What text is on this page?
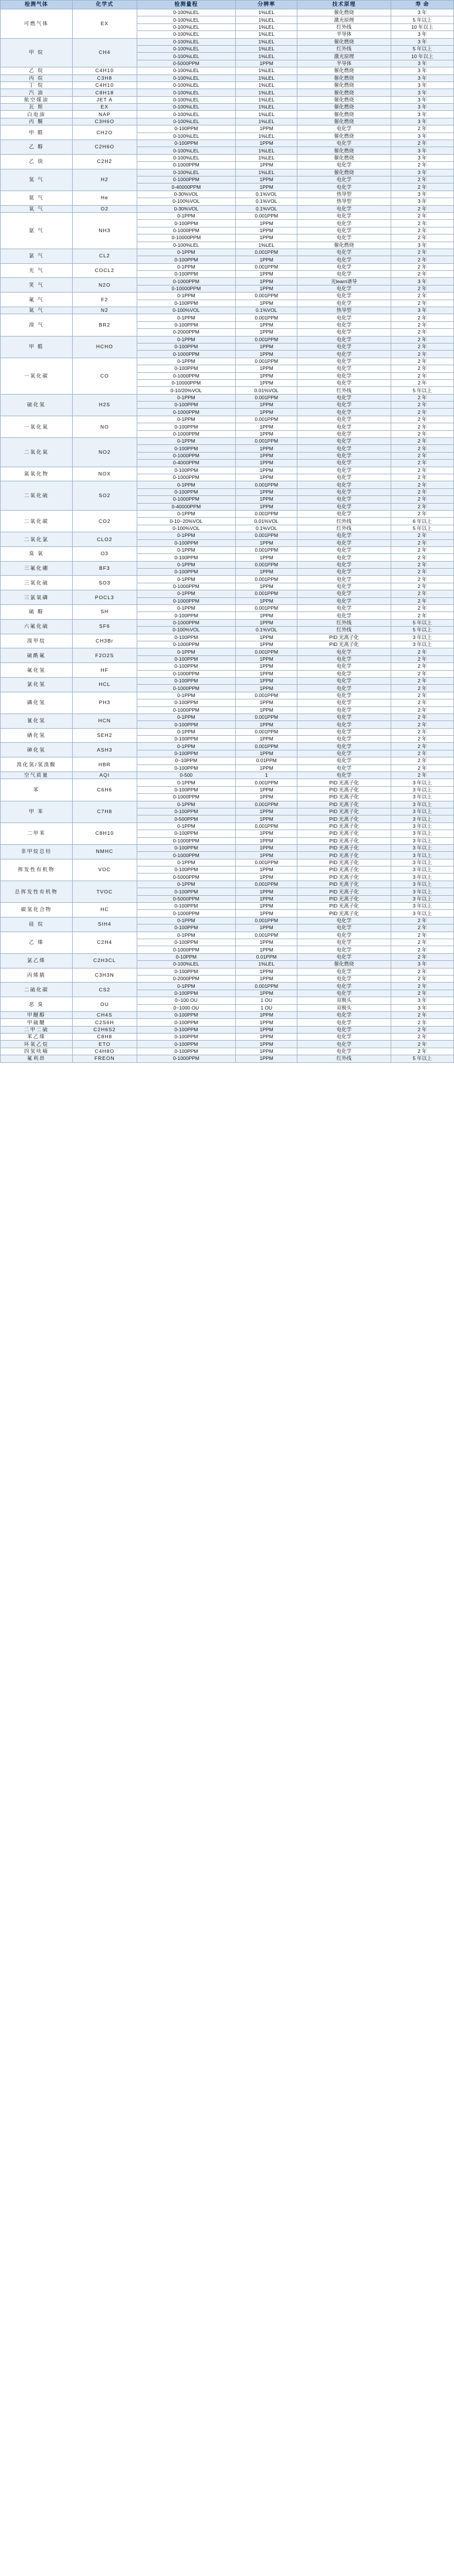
检测气体	化学式	检测量程	分辨率	技术原理	寿 命
可燃气体	EX	0-100%LEL	1%LEL	催化燃烧	3 年
		0-100%LEL	1%LEL	激光原理	5 年以上
		0-100%LEL	1%LEL	红外线	10 年以上
		0-100%LEL	1%LEL	半导体	3 年
甲 烷	CH4	0-100%LEL	1%LEL	催化燃烧	3 年
		0-100%LEL	1%LEL	红外线	5 年以上
		0-100%LEL	1%LEL	激光原理	10 年以上
		0-5000PPM	1PPM	半导体	3 年
乙 烷	C4H10	0-100%LEL	1%LEL	催化燃烧	3 年
丙 烷	C3H8	0-100%LEL	1%LEL	催化燃烧	3 年
丁 烷	C4H10	0-100%LEL	1%LEL	催化燃烧	3 年
汽 油	C8H18	0-100%LEL	1%LEL	催化燃烧	3 年
航空煤油	JET A	0-100%LEL	1%LEL	催化燃烧	3 年
瓦 斯	EX	0-100%LEL	1%LEL	催化燃烧	3 年
白电油	NAP	0-100%LEL	1%LEL	催化燃烧	3 年
丙 酮	C3H6O	0-100%LEL	1%LEL	催化燃烧	3 年
甲 醛	CH2O	0-100PPM	1PPM	电化学	2 年
		0-100%LEL	1%LEL	催化燃烧	3 年
乙 醇	C2H6O	0-100PPM	1PPM	电化学	2 年
		0-100%LEL	1%LEL	催化燃烧	3 年
乙 炔	C2H2	0-100%LEL	1%LEL	催化燃烧	3 年
		0-1000PPM	1PPM	电化学	2 年
氢 气	H2	0-100%LEL	1%LEL	催化燃烧	3 年
		0-1000PPM	1PPM	电化学	2 年
		0-40000PPM	1PPM	电化学	2 年
氦 气	He	0-30%VOL	0.1%VOL	热导型	3 年
		0-100%VOL	0.1%VOL	热导型	3 年
氧 气	O2	0-30%VOL	0.1%VOL	电化学	2 年
氨 气	NH3	0-1PPM	0.001PPM	电化学	2 年
		0-100PPM	1PPM	电化学	2 年
		0-1000PPM	1PPM	电化学	2 年
		0-10000PPM	1PPM	电化学	2 年
		0-100%LEL	1%LEL	催化燃烧	3 年
氯 气	CL2	0-1PPM	0.001PPM	电化学	2 年
		0-100PPM	1PPM	电化学	2 年
光 气	COCL2	0-1PPM	0.001PPM	电化学	2 年
		0-100PPM	1PPM	电化学	2 年
笑 气	N2O	0-1000PPM	1PPM	光learn谱导	3 年
		0-10000PPM	1PPM	电化学	2 年
氟 气	F2	0-1PPM	0.001PPM	电化学	2 年
		0-100PPM	1PPM	电化学	2 年
氮 气	N2	0-100%VOL	0.1%VOL	热导型	3 年
溴 气	BR2	0-1PPM	0.001PPM	电化学	2 年
		0-100PPM	1PPM	电化学	2 年
		0-2000PPM	1PPM	电化学	2 年
甲 醛	HCHO	0-1PPM	0.001PPM	电化学	2 年
		0-100PPM	1PPM	电化学	2 年
		0-1000PPM	1PPM	电化学	2 年
一氧化碳	CO	0-1PPM	0.001PPM	电化学	2 年
		0-100PPM	1PPM	电化学	2 年
		0-1000PPM	1PPM	电化学	2 年
		0-10000PPM	1PPM	电化学	2 年
		0-10/20%VOL	0.01%VOL	红外线	5 年以上
硫化氢	H2S	0-1PPM	0.001PPM	电化学	2 年
		0-100PPM	1PPM	电化学	2 年
		0-1000PPM	1PPM	电化学	2 年
一氧化氮	NO	0-1PPM	0.001PPM	电化学	2 年
		0-100PPM	1PPM	电化学	2 年
		0-1000PPM	1PPM	电化学	2 年
二氧化氮	NO2	0-1PPM	0.001PPM	电化学	2 年
		0-100PPM	1PPM	电化学	2 年
		0-1000PPM	1PPM	电化学	2 年
		0-4000PPM	1PPM	电化学	2 年
氮氧化物	NOX	0-100PPM	1PPM	电化学	2 年
		0-1000PPM	1PPM	电化学	2 年
二氧化硫	SO2	0-1PPM	0.001PPM	电化学	2 年
		0-100PPM	1PPM	电化学	2 年
		0-1000PPM	1PPM	电化学	2 年
		0-40000PPM	1PPM	电化学	2 年
二氧化碳	CO2	0-1PPM	0.001PPM	电化学	2 年
		0-10~20%VOL	0.01%VOL	红外线	6 年以上
		0-100%VOL	0.1%VOL	红外线	5 年以上
二氧化氯	CLO2	0-1PPM	0.001PPM	电化学	2 年
		0-100PPM	1PPM	电化学	2 年
臭 氧	O3	0-1PPM	0.001PPM	电化学	2 年
		0-100PPM	1PPM	电化学	2 年
三氟化硼	BF3	0-1PPM	0.001PPM	电化学	2 年
		0-100PPM	1PPM	电化学	2 年
三氧化硫	SO3	0-1PPM	0.001PPM	电化学	2 年
		0-1000PPM	1PPM	电化学	2 年
三氯氧磷	POCL3	0-1PPM	0.001PPM	电化学	2 年
		0-1000PPM	1PPM	电化学	2 年
硫 醇	SH	0-1PPM	0.001PPM	电化学	2 年
		0-100PPM	1PPM	电化学	2 年
六氟化硫	SF6	0-1000PPM	1PPM	红外线	5 年以上
		0-100%VOL	0.1%VOL	红外线	5 年以上
溴甲烷	CH3Br	0-100PPM	1PPM	PID 光离子化	3 年以上
		0-1000PPM	1PPM	PID 光离子化	3 年以上
硫酰氟	F2O2S	0-1PPM	0.001PPM	电化学	2 年
		0-100PPM	1PPM	电化学	2 年
氟化氢	HF	0-100PPM	1PPM	电化学	2 年
		0-1000PPM	1PPM	电化学	2 年
氯化氢	HCL	0-100PPM	1PPM	电化学	2 年
		0-1000PPM	1PPM	电化学	2 年
磷化氢	PH3	0-1PPM	0.001PPM	电化学	2 年
		0-100PPM	1PPM	电化学	2 年
		0-1000PPM	1PPM	电化学	2 年
氰化氢	HCN	0-1PPM	0.001PPM	电化学	2 年
		0-100PPM	1PPM	电化学	2 年
硒化氢	SEH2	0-1PPM	0.001PPM	电化学	2 年
		0-100PPM	1PPM	电化学	2 年
砷化氢	ASH3	0-1PPM	0.001PPM	电化学	2 年
		0-100PPM	1PPM	电化学	2 年
溴化氢/氢溴酸	HBR	0~10PPM	0.01PPM	电化学	2 年
		0-100PPM	1PPM	电化学	2 年
空气质量	AQI	0-500	1	电化学	2 年
苯	C6H6	0-1PPM	0.001PPM	PID 光离子化	3 年以上
		0-100PPM	1PPM	PID 光离子化	3 年以上
		0-1000PPM	1PPM	PID 光离子化	3 年以上
甲 苯	C7H8	0-1PPM	0.001PPM	PID 光离子化	3 年以上
		0-100PPM	1PPM	PID 光离子化	3 年以上
		0-500PPM	1PPM	PID 光离子化	3 年以上
二甲苯	C8H10	0-1PPM	0.001PPM	PID 光离子化	3 年以上
		0-100PPM	1PPM	PID 光离子化	3 年以上
		0-1000PPM	1PPM	PID 光离子化	3 年以上
非甲烷总烃	NMHC	0-100PPM	1PPM	PID 光离子化	3 年以上
		0-1000PPM	1PPM	PID 光离子化	3 年以上
挥发性有机物	VOC	0-1PPM	0.001PPM	PID 光离子化	3 年以上
		0-100PPM	1PPM	PID 光离子化	3 年以上
		0-5000PPM	1PPM	PID 光离子化	3 年以上
总挥发性有机物	TVOC	0-1PPM	0.001PPM	PID 光离子化	3 年以上
		0-100PPM	1PPM	PID 光离子化	3 年以上
		0-5000PPM	1PPM	PID 光离子化	3 年以上
碳氢化合物	HC	0-100PPM	1PPM	PID 光离子化	3 年以上
		0-1000PPM	1PPM	PID 光离子化	3 年以上
硅 烷	SIH4	0-1PPM	0.001PPM	电化学	2 年
		0-100PPM	1PPM	电化学	2 年
乙 烯	C2H4	0-1PPM	0.001PPM	电化学	2 年
		0-100PPM	1PPM	电化学	2 年
		0-1000PPM	1PPM	电化学	2 年
氯乙烯	C2H3CL	0-10PPM	0.01PPM	电化学	2 年
		0-100%LEL	1%LEL	催化燃烧	3 年
丙烯腈	C3H3N	0-100PPM	1PPM	电化学	2 年
		0-2000PPM	1PPM	电化学	2 年
二硫化碳	CS2	0-1PPM	0.001PPM	电化学	2 年
		0-100PPM	1PPM	电化学	2 年
恶 臭	OU	0~100 OU	1 OU	双极头	3 年
		0~1000 OU	1 OU	双极头	3 年
甲醚醇	CH4S	0-100PPM	1PPM	电化学	2 年
甲硫醚	C2S6H	0-100PPM	1PPM	电化学	2 年
二甲二硫	C2H6S2	0-100PPM	1PPM	电化学	2 年
苯乙烯	C8H8	0-100PPM	1PPM	电化学	2 年
环氧乙烷	ETO	0-100PPM	1PPM	电化学	2 年
四氢呋喃	C4H8O	0-100PPM	1PPM	电化学	2 年
氟利昂	FREON	0-1000PPM	1PPM	红外线	5 年以上
